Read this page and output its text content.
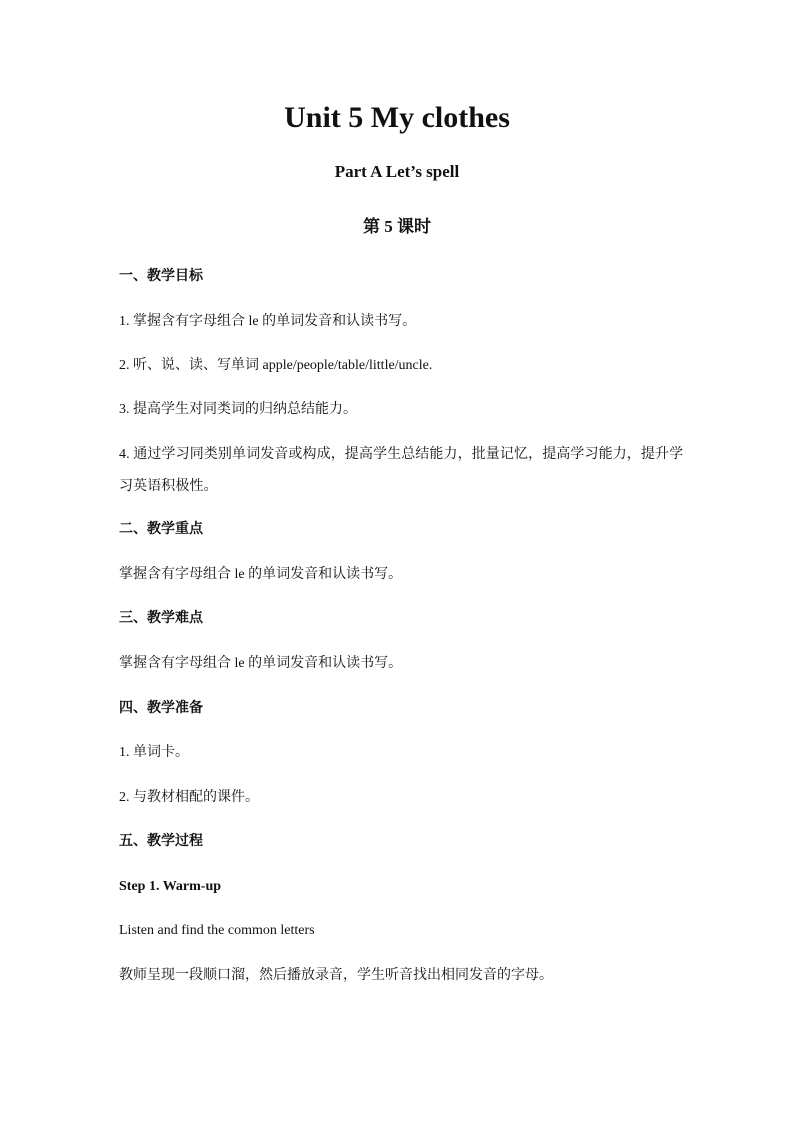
Unit 5 My clothes
Part A Let’s spell
第 5 课时
一、教学目标
1. 掌握含有字母组合 le 的单词发音和认读书写。
2. 听、说、读、写单词 apple/people/table/little/uncle.
3. 提高学生对同类词的归纳总结能力。
4. 通过学习同类别单词发音或构成，提高学生总结能力，批量记忆，提高学习能力，提升学习英语积极性。
二、教学重点
掌握含有字母组合 le 的单词发音和认读书写。
三、教学难点
掌握含有字母组合 le 的单词发音和认读书写。
四、教学准备
1. 单词卡。
2. 与教材相配的课件。
五、教学过程
Step 1. Warm-up
Listen and find the common letters
教师呈现一段顺口溜，然后播放录音，学生听音找出相同发音的字母。
